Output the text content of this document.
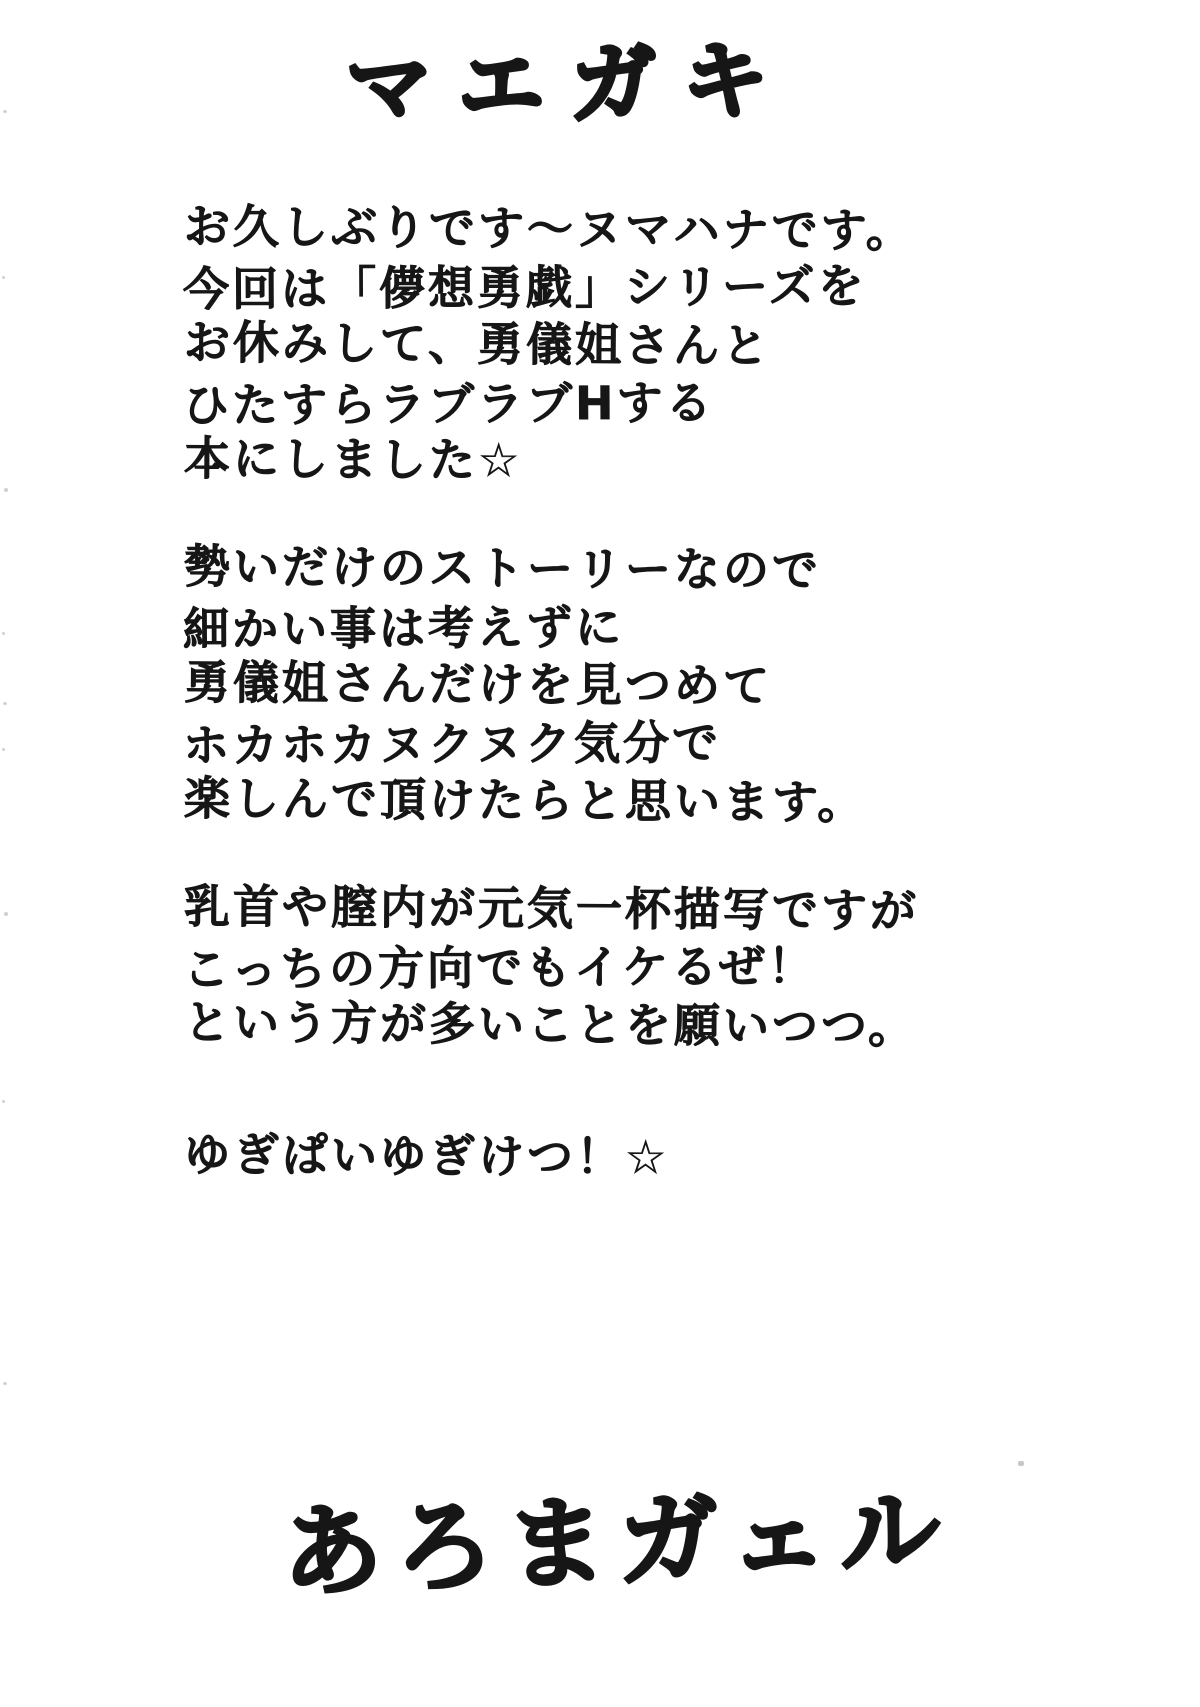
マエガキ
お久しぶりです〜ヌマハナです。
今回は「儚想勇戯」シリーズを
お休みして、勇儀姐さんと
ひたすらラブラブHする
本にしました☆
勢いだけのストーリーなので
細かい事は考えずに
勇儀姐さんだけを見つめて
ホカホカヌクヌク気分で
楽しんで頂けたらと思います。
乳首や膣内が元気一杯描写ですが
こっちの方向でもイケるぜ！
という方が多いことを願いつつ。
ゆぎぱいゆぎけつ！☆
あろまガェル
